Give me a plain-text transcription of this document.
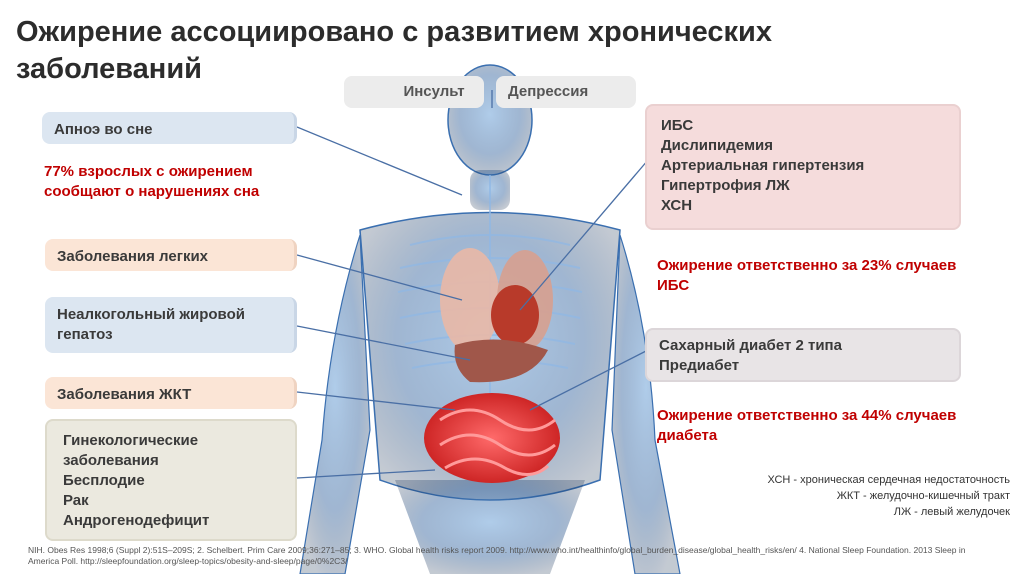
Ожирение ассоциировано с развитием хронических заболеваний
Инсульт	Депрессия
Апноэ во сне
77% взрослых с ожирением сообщают о нарушениях сна
Заболевания легких
Неалкогольный жировой гепатоз
Заболевания ЖКТ
Гинекологические заболевания
Бесплодие
Рак
Андрогенодефицит
ИБС
Дислипидемия
Артериальная гипертензия
Гипертрофия ЛЖ
ХСН
Ожирение ответственно за 23% случаев ИБС
Сахарный диабет 2 типа
Предиабет
Ожирение ответственно за 44% случаев диабета
ХСН - хроническая сердечная недостаточность
ЖКТ - желудочно-кишечный тракт
ЛЖ - левый желудочек
NIH. Obes Res 1998;6 (Suppl 2):51S–209S; 2. Schelbert. Prim Care 2009;36:271–85; 3. WHO. Global health risks report 2009. http://www.who.int/healthinfo/global_burden_disease/global_health_risks/en/ 4. National Sleep Foundation. 2013 Sleep in America Poll. http://sleepfoundation.org/sleep-topics/obesity-and-sleep/page/0%2C3/
